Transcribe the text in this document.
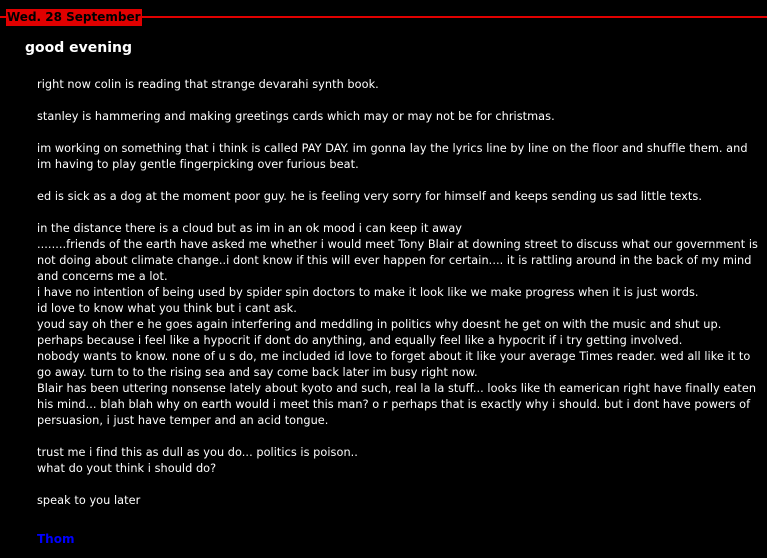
Wed. 28 September
good evening
right now colin is reading that strange devarahi synth book.
stanley is hammering and making greetings cards which may or may not be for christmas.
im working on something that i think is called PAY DAY. im gonna lay the lyrics line by line on the floor and shuffle them. and im having to play gentle fingerpicking over furious beat.
ed is sick as a dog at the moment poor guy. he is feeling very sorry for himself and keeps sending us sad little texts.
in the distance there is a cloud but as im in an ok mood i can keep it away
........friends of the earth have asked me whether i would meet Tony Blair at downing street to discuss what our government is not doing about climate change..i dont know if this will ever happen for certain.... it is rattling around in the back of my mind and concerns me a lot.
i have no intention of being used by spider spin doctors to make it look like we make progress when it is just words.
id love to know what you think but i cant ask.
youd say oh ther e he goes again interfering and meddling in politics why doesnt he get on with the music and shut up.
perhaps because i feel like a hypocrit if dont do anything, and equally feel like a hypocrit if i try getting involved.
nobody wants to know. none of u s do, me included id love to forget about it like your average Times reader. wed all like it to go away. turn to to the rising sea and say come back later im busy right now.
Blair has been uttering nonsense lately about kyoto and such, real la la stuff... looks like th eamerican right have finally eaten his mind... blah blah why on earth would i meet this man? o r perhaps that is exactly why i should. but i dont have powers of persuasion, i just have temper and an acid tongue.
trust me i find this as dull as you do... politics is poison..
what do yout think i should do?
speak to you later
Thom
